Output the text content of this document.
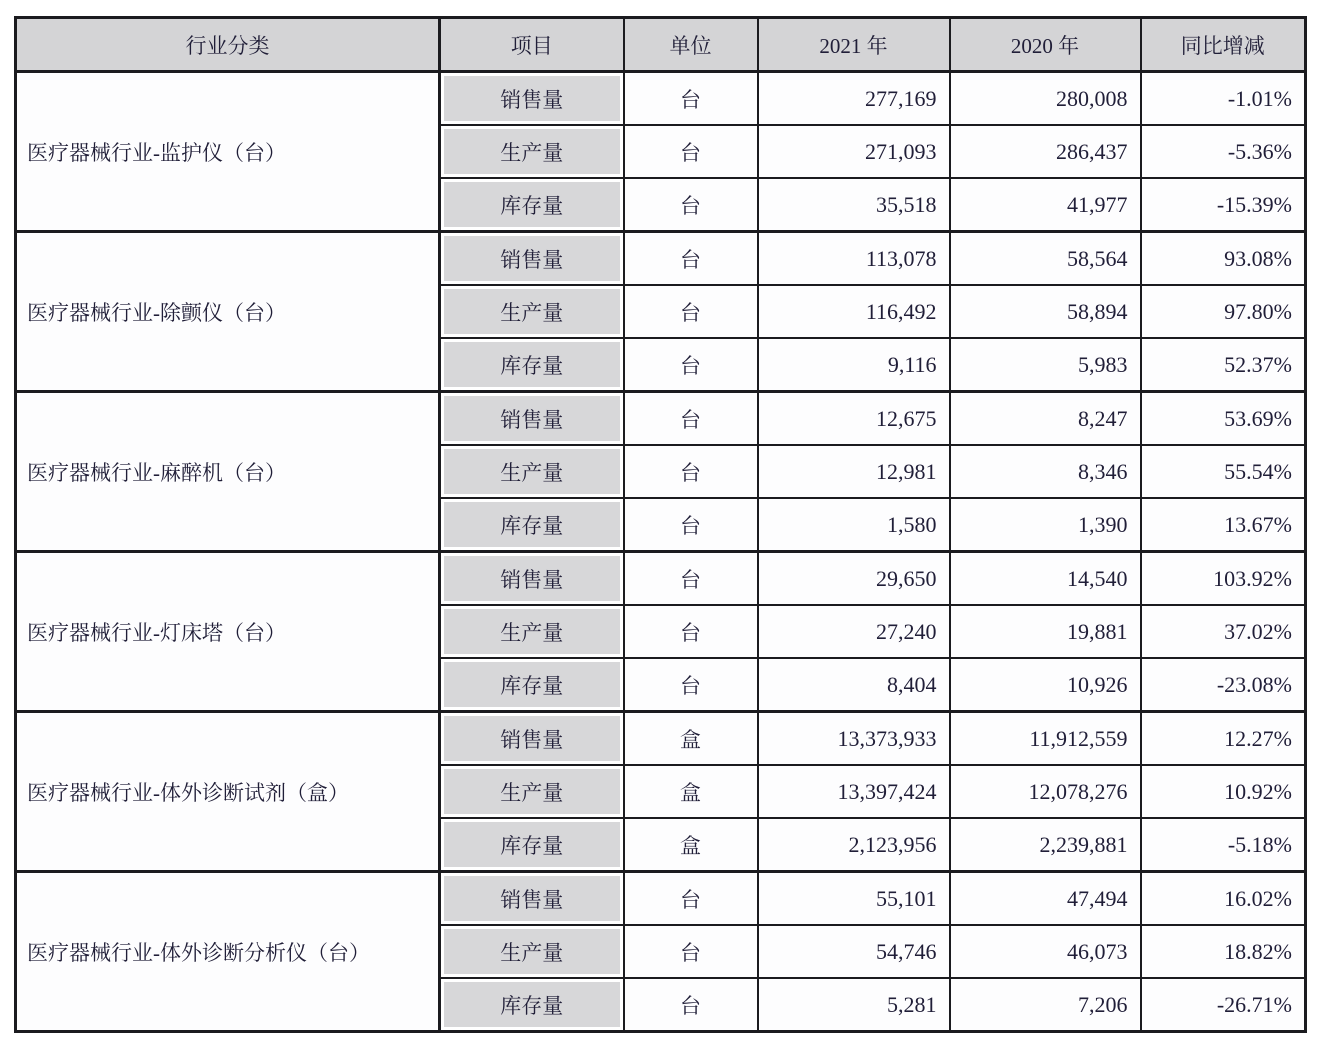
行业分类	项目	单位	2021 年	2020 年	同比增减
医疗器械行业-监护仪（台）	销售量	台	277,169	280,008	-1.01%
	生产量	台	271,093	286,437	-5.36%
	库存量	台	35,518	41,977	-15.39%
医疗器械行业-除颤仪（台）	销售量	台	113,078	58,564	93.08%
	生产量	台	116,492	58,894	97.80%
	库存量	台	9,116	5,983	52.37%
医疗器械行业-麻醉机（台）	销售量	台	12,675	8,247	53.69%
	生产量	台	12,981	8,346	55.54%
	库存量	台	1,580	1,390	13.67%
医疗器械行业-灯床塔（台）	销售量	台	29,650	14,540	103.92%
	生产量	台	27,240	19,881	37.02%
	库存量	台	8,404	10,926	-23.08%
医疗器械行业-体外诊断试剂（盒）	销售量	盒	13,373,933	11,912,559	12.27%
	生产量	盒	13,397,424	12,078,276	10.92%
	库存量	盒	2,123,956	2,239,881	-5.18%
医疗器械行业-体外诊断分析仪（台）	销售量	台	55,101	47,494	16.02%
	生产量	台	54,746	46,073	18.82%
	库存量	台	5,281	7,206	-26.71%
